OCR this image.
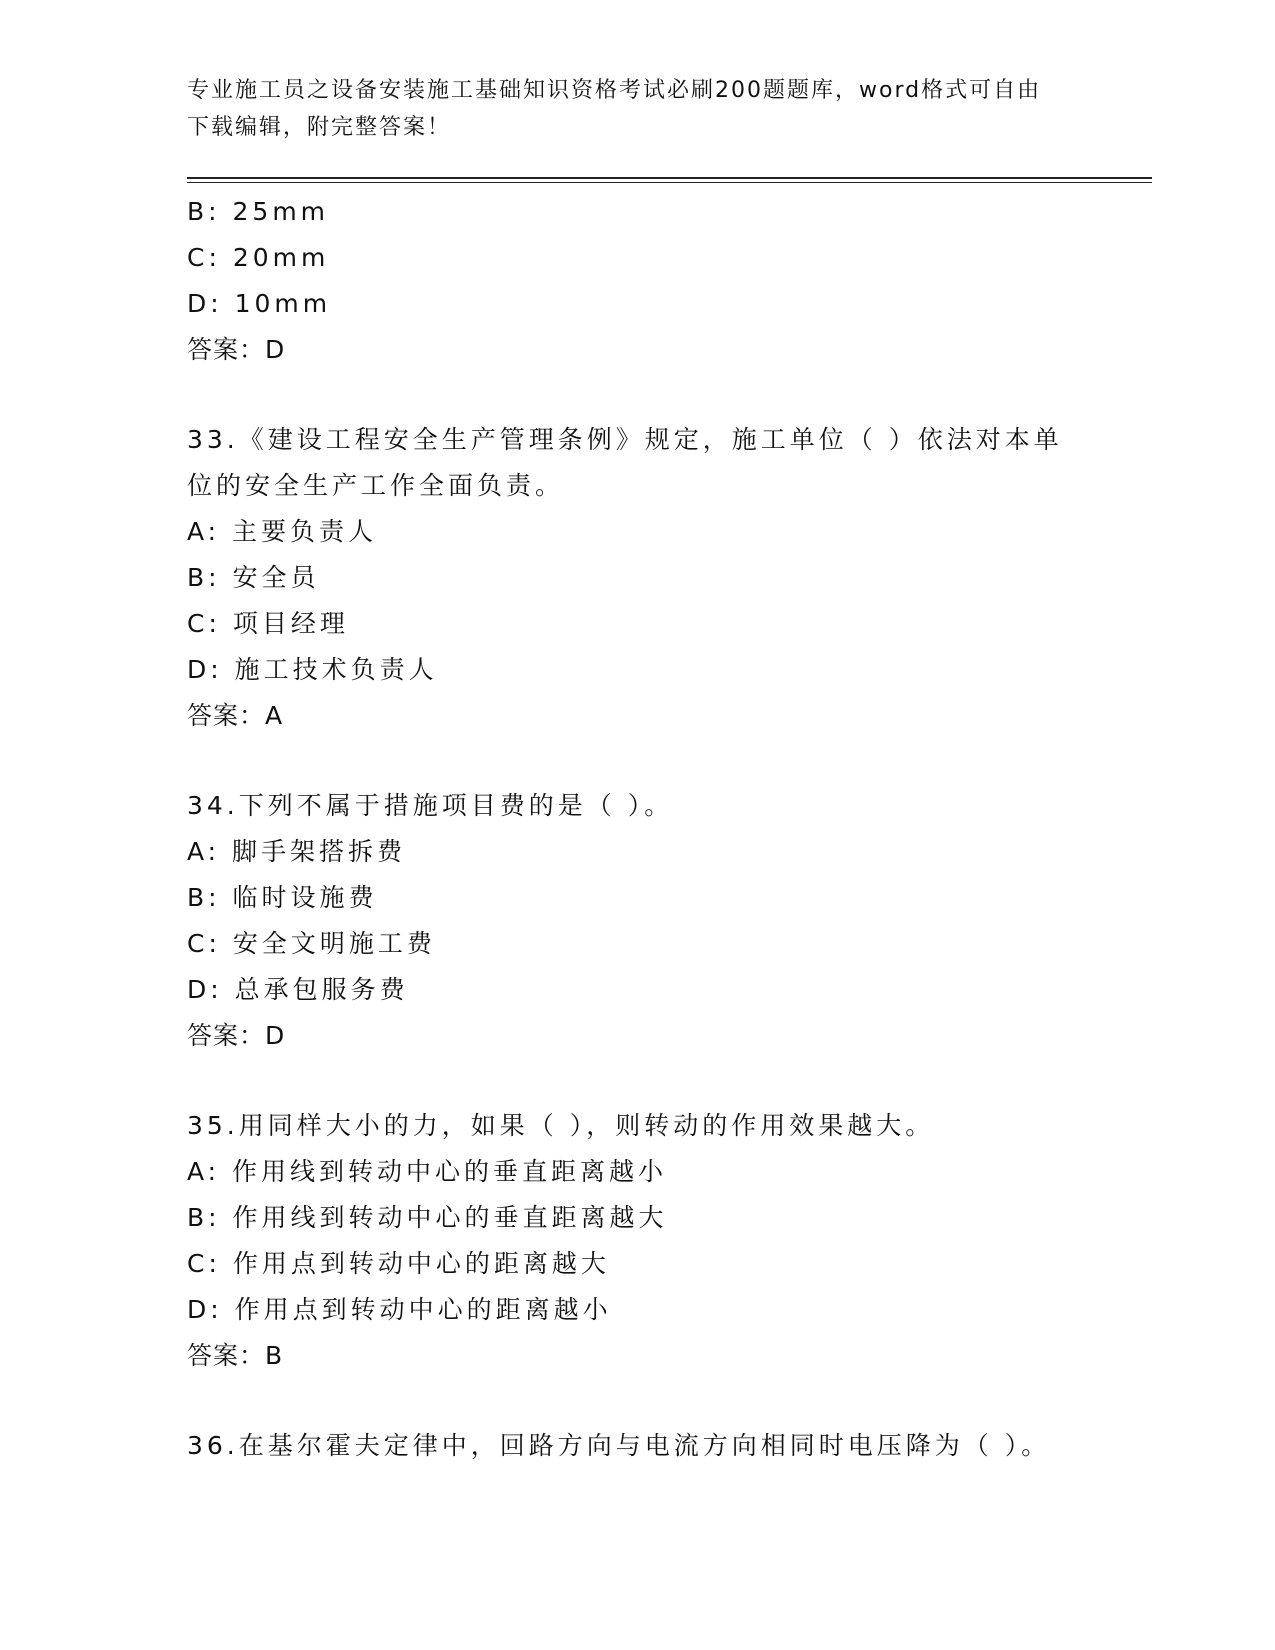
专业施工员之设备安装施工基础知识资格考试必刷200题题库，word格式可自由
下载编辑，附完整答案！
B: 25mm
C: 20mm
D: 10mm
答案：D
33.《建设工程安全生产管理条例》规定，施工单位（ ）依法对本单
位的安全生产工作全面负责。
A: 主要负责人
B: 安全员
C: 项目经理
D: 施工技术负责人
答案：A
34.下列不属于措施项目费的是（ ）。
A: 脚手架搭拆费
B: 临时设施费
C: 安全文明施工费
D: 总承包服务费
答案：D
35.用同样大小的力，如果（ ），则转动的作用效果越大。
A: 作用线到转动中心的垂直距离越小
B: 作用线到转动中心的垂直距离越大
C: 作用点到转动中心的距离越大
D: 作用点到转动中心的距离越小
答案：B
36.在基尔霍夫定律中，回路方向与电流方向相同时电压降为（ ）。
